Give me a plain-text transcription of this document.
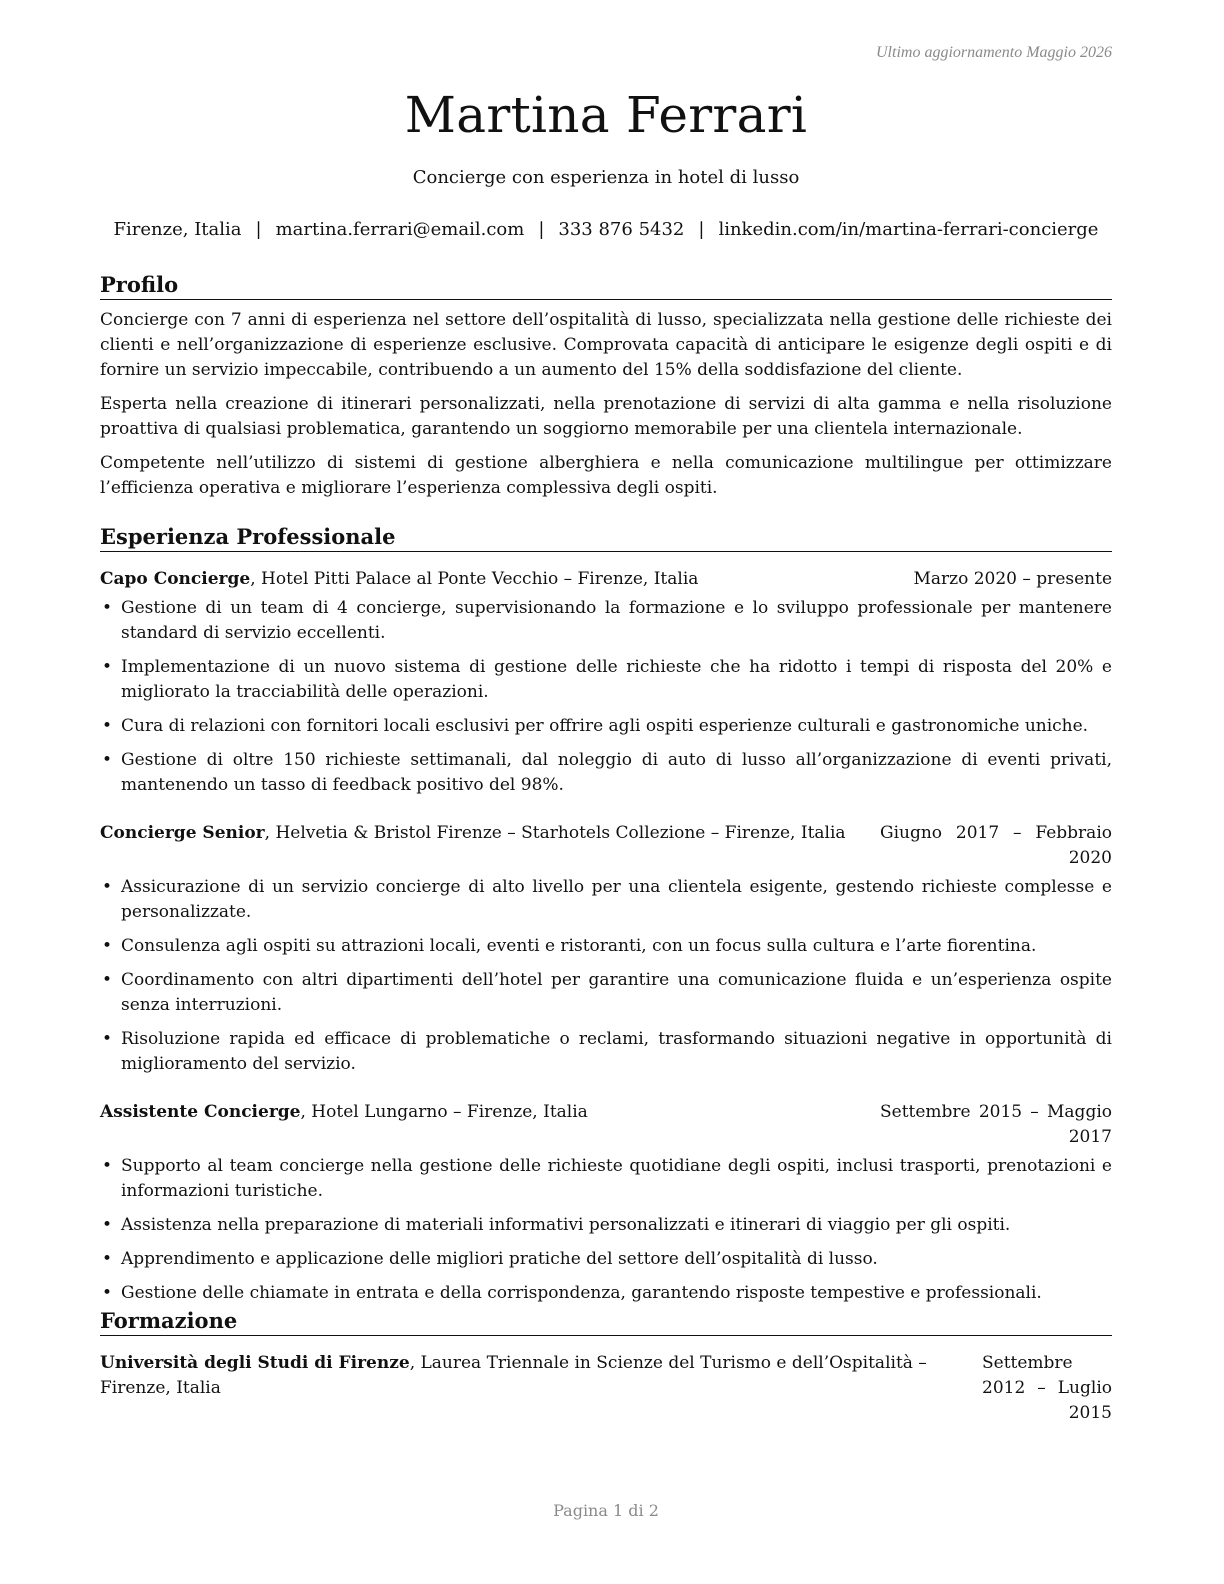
Ultimo aggiornamento Maggio 2026
Martina Ferrari
Concierge con esperienza in hotel di lusso
Firenze, Italia | martina.ferrari@email.com | 333 876 5432 | linkedin.com/in/martina-ferrari-concierge
Profilo

Concierge con 7 anni di esperienza nel settore dell’ospitalità di lusso, specializzata nella gestione delle richieste dei clienti e nell’organizzazione di esperienze esclusive. Comprovata capacità di anticipare le esigenze degli ospiti e di fornire un servizio impeccabile, contribuendo a un aumento del 15% della soddisfazione del cliente.

Esperta nella creazione di itinerari personalizzati, nella prenotazione di servizi di alta gamma e nella risoluzione proattiva di qualsiasi problematica, garantendo un soggiorno memorabile per una clientela internazionale.

Competente nell’utilizzo di sistemi di gestione alberghiera e nella comunicazione multilingue per ottimizzare l’efficienza operativa e migliorare l’esperienza complessiva degli ospiti.

Esperienza Professionale
Capo Concierge, Hotel Pitti Palace al Ponte Vecchio – Firenze, Italia	Marzo 2020 – presente
• Gestione di un team di 4 concierge, supervisionando la formazione e lo sviluppo professionale per mantenere standard di servizio eccellenti.
• Implementazione di un nuovo sistema di gestione delle richieste che ha ridotto i tempi di risposta del 20% e migliorato la tracciabilità delle operazioni.
• Cura di relazioni con fornitori locali esclusivi per offrire agli ospiti esperienze culturali e gastronomiche uniche.
• Gestione di oltre 150 richieste settimanali, dal noleggio di auto di lusso all’organizzazione di eventi privati, mantenendo un tasso di feedback positivo del 98%.
Concierge Senior, Helvetia & Bristol Firenze – Starhotels Collezione – Firenze, Italia	Giugno 2017 – Febbraio 2020
• Assicurazione di un servizio concierge di alto livello per una clientela esigente, gestendo richieste complesse e personalizzate.
• Consulenza agli ospiti su attrazioni locali, eventi e ristoranti, con un focus sulla cultura e l’arte fiorentina.
• Coordinamento con altri dipartimenti dell’hotel per garantire una comunicazione fluida e un’esperienza ospite senza interruzioni.
• Risoluzione rapida ed efficace di problematiche o reclami, trasformando situazioni negative in opportunità di miglioramento del servizio.
Assistente Concierge, Hotel Lungarno – Firenze, Italia	Settembre 2015 – Maggio 2017
• Supporto al team concierge nella gestione delle richieste quotidiane degli ospiti, inclusi trasporti, prenotazioni e informazioni turistiche.
• Assistenza nella preparazione di materiali informativi personalizzati e itinerari di viaggio per gli ospiti.
• Apprendimento e applicazione delle migliori pratiche del settore dell’ospitalità di lusso.
• Gestione delle chiamate in entrata e della corrispondenza, garantendo risposte tempestive e professionali.
Formazione
Università degli Studi di Firenze, Laurea Triennale in Scienze del Turismo e dell’Ospitalità – Firenze, Italia
Settembre 2012 – Luglio 2015
Pagina 1 di 2
